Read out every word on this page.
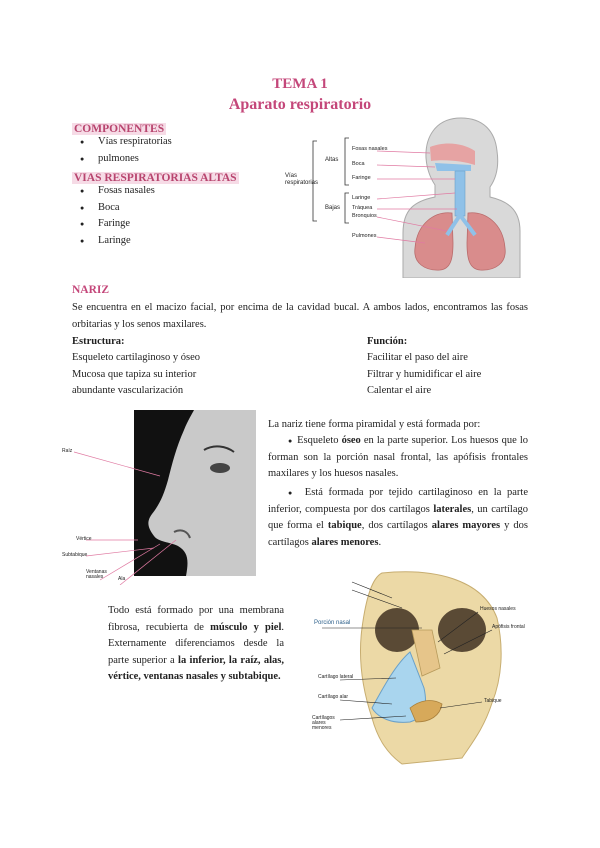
TEMA 1
Aparato respiratorio
COMPONENTES
● Vías respiratorias
● pulmones
VIAS RESPIRATORIAS ALTAS
● Fosas nasales
● Boca
● Faringe
● Laringe
Vías
respiratorias
Altas
Bajas
Fosas nasales
Boca
Faringe
Laringe
Tráquea
Bronquios
Pulmones
NARIZ
Se encuentra en el macizo facial, por encima de la cavidad bucal. A ambos lados, encontramos las fosas orbitarias y los senos maxilares.
Estructura:
Esqueleto cartilaginoso y óseo
Mucosa que tapiza su interior
abundante vascularización
Función:
Facilitar el paso del aire
Filtrar y humidificar el aire
Calentar el aire
Raíz
Vértice
Subtabique
Ventanas nasales	Ala
La nariz tiene forma piramidal y está formada por:
●  Esqueleto óseo en la parte superior. Los huesos que lo forman son la porción nasal frontal, las apófisis frontales maxilares y los huesos nasales.
●  Está formada por tejido cartilaginoso en la parte inferior, compuesta por dos cartílagos laterales, un cartílago que forma el tabique, dos cartílagos alares mayores y dos cartílagos alares menores.
Todo está formado por una membrana fibrosa, recubierta de músculo y piel. Externamente diferenciamos desde la parte superior a la inferior, la raíz, alas, vértice, ventanas nasales y subtabique.
Porción nasal
Huesos nasales
Cartílago lateral
Cartílago alar
Apófisis frontal
Cartílagos alares menores
Tabique
